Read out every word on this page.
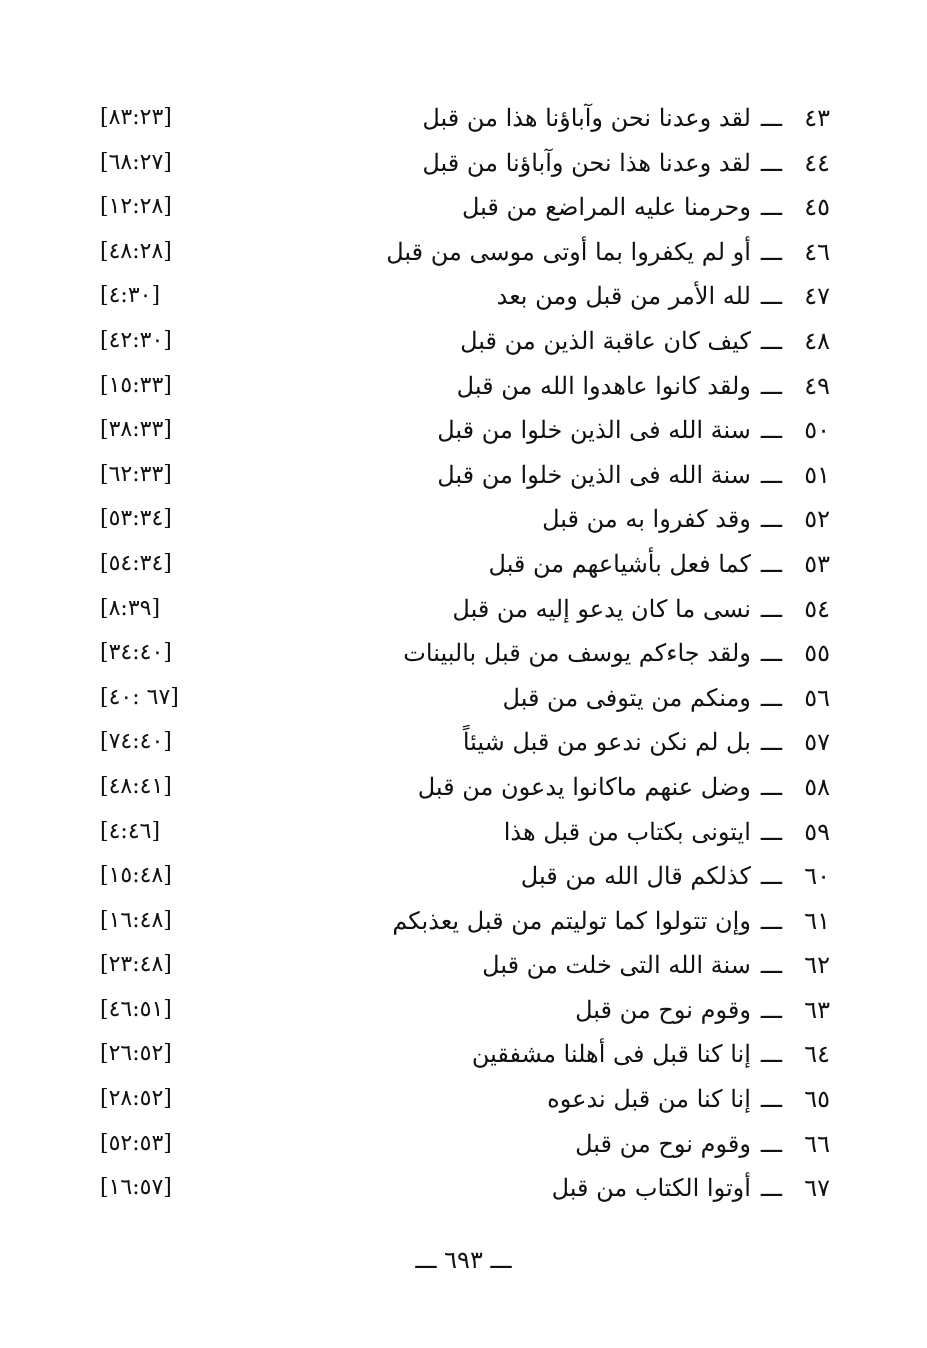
٤٣ـــلقد وعدنا نحن وآباؤنا هذا من قبل
[٨٣:٢٣]
٤٤ـــلقد وعدنا هذا نحن وآباؤنا من قبل
[٦٨:٢٧]
٤٥ـــوحرمنا عليه المراضع من قبل
[١٢:٢٨]
٤٦ـــأو لم يكفروا بما أوتى موسى من قبل
[٤٨:٢٨]
٤٧ـــلله الأمر من قبل ومن بعد
[٤:٣٠]
٤٨ـــكيف كان عاقبة الذين من قبل
[٤٢:٣٠]
٤٩ـــولقد كانوا عاهدوا الله من قبل
[١٥:٣٣]
٥٠ـــسنة الله فى الذين خلوا من قبل
[٣٨:٣٣]
٥١ـــسنة الله فى الذين خلوا من قبل
[٦٢:٣٣]
٥٢ـــوقد كفروا به من قبل
[٥٣:٣٤]
٥٣ـــكما فعل بأشياعهم من قبل
[٥٤:٣٤]
٥٤ـــنسى ما كان يدعو إليه من قبل
[٨:٣٩]
٥٥ـــولقد جاءكم يوسف من قبل بالبينات
[٣٤:٤٠]
٥٦ـــومنكم من يتوفى من قبل
[٦٧ :٤٠]
٥٧ـــبل لم نكن ندعو من قبل شيئاً
[٧٤:٤٠]
٥٨ـــوضل عنهم ماكانوا يدعون من قبل
[٤٨:٤١]
٥٩ـــايتونى بكتاب من قبل هذا
[٤:٤٦]
٦٠ـــكذلكم قال الله من قبل
[١٥:٤٨]
٦١ـــوإن تتولوا كما توليتم من قبل يعذبكم
[١٦:٤٨]
٦٢ـــسنة الله التى خلت من قبل
[٢٣:٤٨]
٦٣ـــوقوم نوح من قبل
[٤٦:٥١]
٦٤ـــإنا كنا قبل فى أهلنا مشفقين
[٢٦:٥٢]
٦٥ـــإنا كنا من قبل ندعوه
[٢٨:٥٢]
٦٦ـــوقوم نوح من قبل
[٥٢:٥٣]
٦٧ـــأوتوا الكتاب من قبل
[١٦:٥٧]
ـــ ٦٩٣ ـــ
